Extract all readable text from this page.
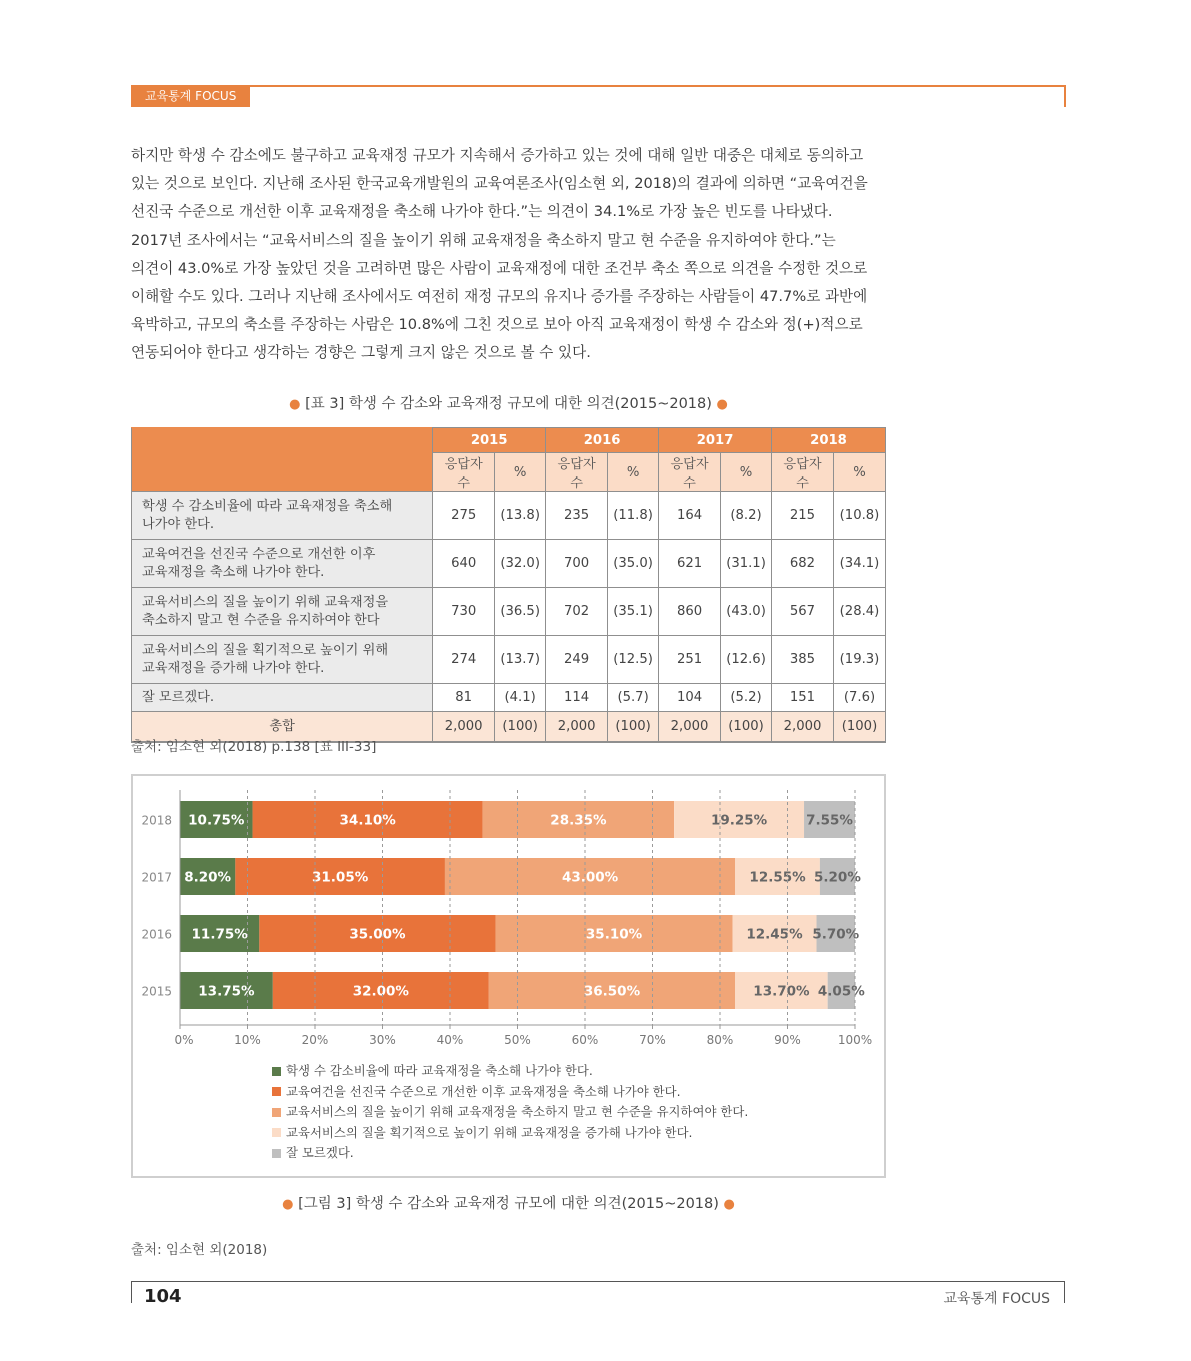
교육통계 FOCUS

하지만 학생 수 감소에도 불구하고 교육재정 규모가 지속해서 증가하고 있는 것에 대해 일반 대중은 대체로 동의하고

있는 것으로 보인다. 지난해 조사된 한국교육개발원의 교육여론조사(임소현 외, 2018)의 결과에 의하면 “교육여건을

선진국 수준으로 개선한 이후 교육재정을 축소해 나가야 한다.”는 의견이 34.1%로 가장 높은 빈도를 나타냈다.

2017년 조사에서는 “교육서비스의 질을 높이기 위해 교육재정을 축소하지 말고 현 수준을 유지하여야 한다.”는

의견이 43.0%로 가장 높았던 것을 고려하면 많은 사람이 교육재정에 대한 조건부 축소 쪽으로 의견을 수정한 것으로

이해할 수도 있다. 그러나 지난해 조사에서도 여전히 재정 규모의 유지나 증가를 주장하는 사람들이 47.7%로 과반에

육박하고, 규모의 축소를 주장하는 사람은 10.8%에 그친 것으로 보아 아직 교육재정이 학생 수 감소와 정(+)적으로

연동되어야 한다고 생각하는 경향은 그렇게 크지 않은 것으로 볼 수 있다.

● [표 3] 학생 수 감소와 교육재정 규모에 대한 의견(2015~2018) ●
	2015		2016		2017		2018	
	응답자 수	%	응답자 수	%	응답자 수	%	응답자 수	%
학생 수 감소비율에 따라 교육재정을 축소해
나가야 한다.	275	(13.8)	235	(11.8)	164	(8.2)	215	(10.8)
교육여건을 선진국 수준으로 개선한 이후
교육재정을 축소해 나가야 한다.	640	(32.0)	700	(35.0)	621	(31.1)	682	(34.1)
교육서비스의 질을 높이기 위해 교육재정을
축소하지 말고 현 수준을 유지하여야 한다	730	(36.5)	702	(35.1)	860	(43.0)	567	(28.4)
교육서비스의 질을 획기적으로 높이기 위해
교육재정을 증가해 나가야 한다.	274	(13.7)	249	(12.5)	251	(12.6)	385	(19.3)
잘 모르겠다.	81	(4.1)	114	(5.7)	104	(5.2)	151	(7.6)
총합	2,000	(100)	2,000	(100)	2,000	(100)	2,000	(100)
출처: 임소현 외(2018) p.138 [표 III-33]
10.75%	34.10%	28.35%	19.25%	7.55%
2018
8.20%	31.05%	43.00%	12.55% 5.20%
2017
11.75%	35.00%	35.10%	12.45% 5.70%
2016
13.75%	32.00%	36.50%	13.70% 4.05%
2015
0%	10%	20%	30%	40%	50%	60%	70%	80%	90%	100%
학생 수 감소비율에 따라 교육재정을 축소해 나가야 한다.
교육여건을 선진국 수준으로 개선한 이후 교육재정을 축소해 나가야 한다.
교육서비스의 질을 높이기 위해 교육재정을 축소하지 말고 현 수준을 유지하여야 한다.
교육서비스의 질을 획기적으로 높이기 위해 교육재정을 증가해 나가야 한다.
잘 모르겠다.
● [그림 3] 학생 수 감소와 교육재정 규모에 대한 의견(2015~2018) ●
출처: 임소현 외(2018)
104	교육통계 FOCUS
